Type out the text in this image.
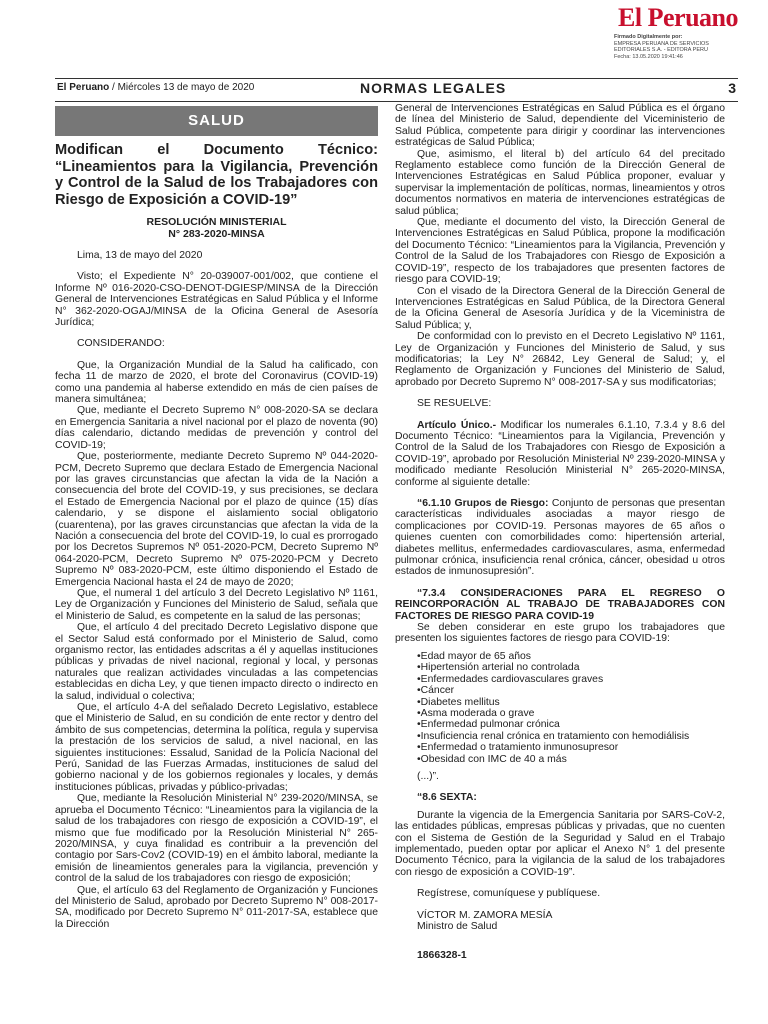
El Peruano
Firmado Digitalmente por:
EMPRESA PERUANA DE SERVICIOS
EDITORIALES S.A. - EDITORA PERU
Fecha: 13.05.2020 19:41:46
El Peruano / Miércoles 13 de mayo de 2020	NORMAS LEGALES	3
SALUD
Modifican el Documento Técnico: “Lineamientos para la Vigilancia, Prevención y Control de la Salud de los Trabajadores con Riesgo de Exposición a COVID-19”
RESOLUCIÓN MINISTERIAL
N° 283-2020-MINSA

Lima, 13 de mayo del 2020

Visto; el Expediente N° 20-039007-001/002, que contiene el Informe Nº 016-2020-CSO-DENOT-DGIESP/MINSA de la Dirección General de Intervenciones Estratégicas en Salud Pública y el Informe N° 362-2020-OGAJ/MINSA de la Oficina General de Asesoría Jurídica;

CONSIDERANDO:

Que, la Organización Mundial de la Salud ha calificado, con fecha 11 de marzo de 2020, el brote del Coronavirus (COVID-19) como una pandemia al haberse extendido en más de cien países de manera simultánea;

Que, mediante el Decreto Supremo N° 008-2020-SA se declara en Emergencia Sanitaria a nivel nacional por el plazo de noventa (90) días calendario, dictando medidas de prevención y control del COVID-19;

Que, posteriormente, mediante Decreto Supremo Nº 044-2020-PCM, Decreto Supremo que declara Estado de Emergencia Nacional por las graves circunstancias que afectan la vida de la Nación a consecuencia del brote del COVID-19, y sus precisiones, se declara el Estado de Emergencia Nacional por el plazo de quince (15) días calendario, y se dispone el aislamiento social obligatorio (cuarentena), por las graves circunstancias que afectan la vida de la Nación a consecuencia del brote del COVID-19, lo cual es prorrogado por los Decretos Supremos Nº 051-2020-PCM, Decreto Supremo Nº 064-2020-PCM, Decreto Supremo Nº 075-2020-PCM y Decreto Supremo Nº 083-2020-PCM, este último disponiendo el Estado de Emergencia Nacional hasta el 24 de mayo de 2020;

Que, el numeral 1 del artículo 3 del Decreto Legislativo Nº 1161, Ley de Organización y Funciones del Ministerio de Salud, señala que el Ministerio de Salud, es competente en la salud de las personas;

Que, el artículo 4 del precitado Decreto Legislativo dispone que el Sector Salud está conformado por el Ministerio de Salud, como organismo rector, las entidades adscritas a él y aquellas instituciones públicas y privadas de nivel nacional, regional y local, y personas naturales que realizan actividades vinculadas a las competencias establecidas en dicha Ley, y que tienen impacto directo o indirecto en la salud, individual o colectiva;

Que, el artículo 4-A del señalado Decreto Legislativo, establece que el Ministerio de Salud, en su condición de ente rector y dentro del ámbito de sus competencias, determina la política, regula y supervisa la prestación de los servicios de salud, a nivel nacional, en las siguientes instituciones: Essalud, Sanidad de la Policía Nacional del Perú, Sanidad de las Fuerzas Armadas, instituciones de salud del gobierno nacional y de los gobiernos regionales y locales, y demás instituciones públicas, privadas y público-privadas;

Que, mediante la Resolución Ministerial N° 239-2020/MINSA, se aprueba el Documento Técnico: “Lineamientos para la vigilancia de la salud de los trabajadores con riesgo de exposición a COVID-19”, el mismo que fue modificado por la Resolución Ministerial N° 265-2020/MINSA, y cuya finalidad es contribuir a la prevención del contagio por Sars-Cov2 (COVID-19) en el ámbito laboral, mediante la emisión de lineamientos generales para la vigilancia, prevención y control de la salud de los trabajadores con riesgo de exposición;

Que, el artículo 63 del Reglamento de Organización y Funciones del Ministerio de Salud, aprobado por Decreto Supremo N° 008-2017-SA, modificado por Decreto Supremo N° 011-2017-SA, establece que la Dirección

General de Intervenciones Estratégicas en Salud Pública es el órgano de línea del Ministerio de Salud, dependiente del Viceministerio de Salud Pública, competente para dirigir y coordinar las intervenciones estratégicas de Salud Pública;

Que, asimismo, el literal b) del artículo 64 del precitado Reglamento establece como función de la Dirección General de Intervenciones Estratégicas en Salud Pública proponer, evaluar y supervisar la implementación de políticas, normas, lineamientos y otros documentos normativos en materia de intervenciones estratégicas de salud pública;

Que, mediante el documento del visto, la Dirección General de Intervenciones Estratégicas en Salud Pública, propone la modificación del Documento Técnico: “Lineamientos para la Vigilancia, Prevención y Control de la Salud de los Trabajadores con Riesgo de Exposición a COVID-19”, respecto de los trabajadores que presenten factores de riesgo para COVID-19;

Con el visado de la Directora General de la Dirección General de Intervenciones Estratégicas en Salud Pública, de la Directora General de la Oficina General de Asesoría Jurídica y de la Viceministra de Salud Pública; y,

De conformidad con lo previsto en el Decreto Legislativo Nº 1161, Ley de Organización y Funciones del Ministerio de Salud, y sus modificatorias; la Ley N° 26842, Ley General de Salud; y, el Reglamento de Organización y Funciones del Ministerio de Salud, aprobado por Decreto Supremo N° 008-2017-SA y sus modificatorias;

SE RESUELVE:

Artículo Único.- Modificar los numerales 6.1.10, 7.3.4 y 8.6 del Documento Técnico: “Lineamientos para la Vigilancia, Prevención y Control de la Salud de los Trabajadores con Riesgo de Exposición a COVID-19”, aprobado por Resolución Ministerial Nº 239-2020-MINSA y modificado mediante Resolución Ministerial N° 265-2020-MINSA, conforme al siguiente detalle:

“6.1.10 Grupos de Riesgo: Conjunto de personas que presentan características individuales asociadas a mayor riesgo de complicaciones por COVID-19. Personas mayores de 65 años o quienes cuenten con comorbilidades como: hipertensión arterial, diabetes mellitus, enfermedades cardiovasculares, asma, enfermedad pulmonar crónica, insuficiencia renal crónica, cáncer, obesidad u otros estados de inmunosupresión”.

“7.3.4 CONSIDERACIONES PARA EL REGRESO O REINCORPORACIÓN AL TRABAJO DE TRABAJADORES CON FACTORES DE RIESGO PARA COVID-19

Se deben considerar en este grupo los trabajadores que presenten los siguientes factores de riesgo para COVID-19:

• Edad mayor de 65 años
• Hipertensión arterial no controlada
• Enfermedades cardiovasculares graves
• Cáncer
• Diabetes mellitus
• Asma moderada o grave
• Enfermedad pulmonar crónica
• Insuficiencia renal crónica en tratamiento con hemodiálisis
• Enfermedad o tratamiento inmunosupresor
• Obesidad con IMC de 40 a más

(...)”.

“8.6 SEXTA:

Durante la vigencia de la Emergencia Sanitaria por SARS-CoV-2, las entidades públicas, empresas públicas y privadas, que no cuenten con el Sistema de Gestión de la Seguridad y Salud en el Trabajo implementado, pueden optar por aplicar el Anexo N° 1 del presente Documento Técnico, para la vigilancia de la salud de los trabajadores con riesgo de exposición a COVID-19”.

Regístrese, comuníquese y publíquese.

VÍCTOR M. ZAMORA MESÍA

Ministro de Salud

1866328-1
